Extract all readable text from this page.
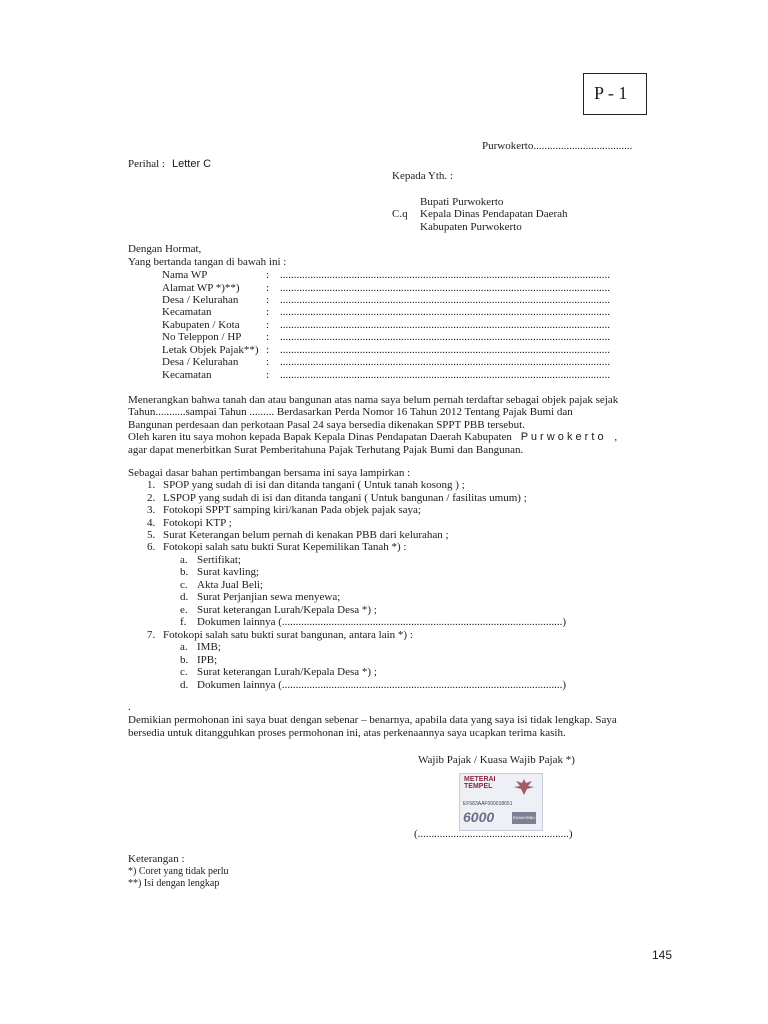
P - 1
Purwokerto....................................
Perihal : Letter C
Kepada Yth. :
Bupati Purwokerto
C.q Kepala Dinas Pendapatan Daerah
Kabupaten Purwokerto
Dengan Hormat,
Yang bertanda tangan di bawah ini :
Nama WP	: ........................................................................................................................
Alamat WP *)**) : ........................................................................................................................
Desa / Kelurahan	: ........................................................................................................................
Kecamatan	: ........................................................................................................................
Kabupaten / Kota : ........................................................................................................................
No Teleppon / HP : ........................................................................................................................
Letak Objek Pajak**) : ........................................................................................................................
Desa / Kelurahan	: ........................................................................................................................
Kecamatan	: ........................................................................................................................
Menerangkan bahwa tanah dan atau bangunan atas nama saya belum pernah terdaftar sebagai objek pajak sejak
Tahun...........sampai Tahun ......... Berdasarkan Perda Nomor 16 Tahun 2012 Tentang Pajak Bumi dan
Bangunan perdesaan dan perkotaan Pasal 24 saya bersedia dikenakan SPPT PBB tersebut.
Oleh karen itu saya mohon kepada Bapak Kepala Dinas Pendapatan Daerah Kabupaten P u r w o k e r t o ,
agar dapat menerbitkan Surat Pemberitahuna Pajak Terhutang Pajak Bumi dan Bangunan.
Sebagai dasar bahan pertimbangan bersama ini saya lampirkan :
1. SPOP yang sudah di isi dan ditanda tangani ( Untuk tanah kosong ) ;
2. LSPOP yang sudah di isi dan ditanda tangani ( Untuk bangunan / fasilitas umum) ;
3. Fotokopi SPPT samping kiri/kanan Pada objek pajak saya;
4. Fotokopi KTP ;
5. Surat Keterangan belum pernah di kenakan PBB dari kelurahan ;
6. Fotokopi salah satu bukti Surat Kepemilikan Tanah *) :
a. Sertifikat;
b. Surat kavling;
c. Akta Jual Beli;
d. Surat Perjanjian sewa menyewa;
e. Surat keterangan Lurah/Kepala Desa *) ;
f. Dokumen lainnya (......................................................................................................)
7. Fotokopi salah satu bukti surat bangunan, antara lain *) :
a. IMB;
b. IPB;
c. Surat keterangan Lurah/Kepala Desa *) ;
d. Dokumen lainnya (......................................................................................................)
.
Demikian permohonan ini saya buat dengan sebenar – benarnya, apabila data yang saya isi tidak lengkap. Saya
bersedia untuk ditangguhkan proses permohonan ini, atas perkenaannya saya ucapkan terima kasih.
Wajib Pajak / Kuasa Wajib Pajak *)
METERAI
TEMPEL
EF583AAF000018651
6000	ENAM RIBU
(.......................................................)
Keterangan :
*) Coret yang tidak perlu
**) Isi dengan lengkap
145
